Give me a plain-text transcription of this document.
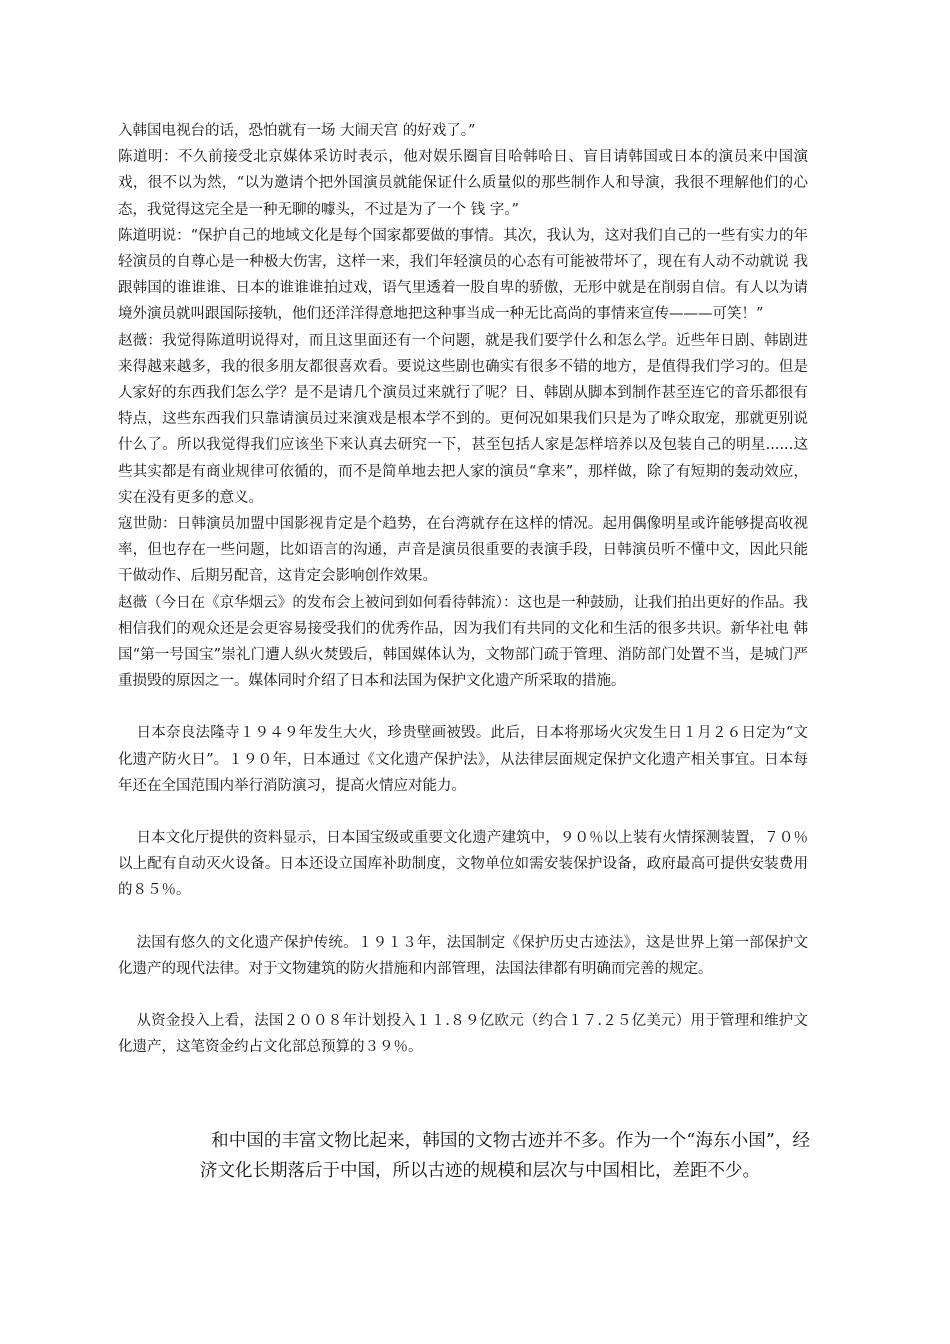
入韩国电视台的话，恐怕就有一场 大闹天宫 的好戏了。”

陈道明：不久前接受北京媒体采访时表示，他对娱乐圈盲目哈韩哈日、盲目请韩国或日本的演员来中国演戏，很不以为然，“以为邀请个把外国演员就能保证什么质量似的那些制作人和导演，我很不理解他们的心态，我觉得这完全是一种无聊的噱头，不过是为了一个 钱 字。”

陈道明说：“保护自己的地域文化是每个国家都要做的事情。其次，我认为，这对我们自己的一些有实力的年轻演员的自尊心是一种极大伤害，这样一来，我们年轻演员的心态有可能被带坏了，现在有人动不动就说 我跟韩国的谁谁谁、日本的谁谁谁拍过戏，语气里透着一股自卑的骄傲，无形中就是在削弱自信。有人以为请境外演员就叫跟国际接轨，他们还洋洋得意地把这种事当成一种无比高尚的事情来宣传———可笑！”

赵薇：我觉得陈道明说得对，而且这里面还有一个问题，就是我们要学什么和怎么学。近些年日剧、韩剧进来得越来越多，我的很多朋友都很喜欢看。要说这些剧也确实有很多不错的地方，是值得我们学习的。但是人家好的东西我们怎么学？是不是请几个演员过来就行了呢？日、韩剧从脚本到制作甚至连它的音乐都很有特点，这些东西我们只靠请演员过来演戏是根本学不到的。更何况如果我们只是为了哗众取宠，那就更别说什么了。所以我觉得我们应该坐下来认真去研究一下，甚至包括人家是怎样培养以及包装自己的明星......这些其实都是有商业规律可依循的，而不是简单地去把人家的演员“拿来”，那样做，除了有短期的轰动效应，实在没有更多的意义。

寇世勋：日韩演员加盟中国影视肯定是个趋势，在台湾就存在这样的情况。起用偶像明星或许能够提高收视率，但也存在一些问题，比如语言的沟通，声音是演员很重要的表演手段，日韩演员听不懂中文，因此只能干做动作、后期另配音，这肯定会影响创作效果。

赵薇（今日在《京华烟云》的发布会上被问到如何看待韩流）：这也是一种鼓励，让我们拍出更好的作品。我相信我们的观众还是会更容易接受我们的优秀作品，因为我们有共同的文化和生活的很多共识。新华社电 韩国“第一号国宝”崇礼门遭人纵火焚毁后，韩国媒体认为，文物部门疏于管理、消防部门处置不当，是城门严重损毁的原因之一。媒体同时介绍了日本和法国为保护文化遗产所采取的措施。

日本奈良法隆寺１９４９年发生大火，珍贵壁画被毁。此后，日本将那场火灾发生日１月２６日定为“文化遗产防火日”。１９０年，日本通过《文化遗产保护法》，从法律层面规定保护文化遗产相关事宜。日本每年还在全国范围内举行消防演习，提高火情应对能力。

日本文化厅提供的资料显示，日本国宝级或重要文化遗产建筑中，９０％以上装有火情探测装置，７０％以上配有自动灭火设备。日本还设立国库补助制度，文物单位如需安装保护设备，政府最高可提供安装费用的８５％。

法国有悠久的文化遗产保护传统。１９１３年，法国制定《保护历史古迹法》，这是世界上第一部保护文化遗产的现代法律。对于文物建筑的防火措施和内部管理，法国法律都有明确而完善的规定。

从资金投入上看，法国２００８年计划投入１１.８９亿欧元（约合１７.２５亿美元）用于管理和维护文化遗产，这笔资金约占文化部总预算的３９％。

和中国的丰富文物比起来，韩国的文物古迹并不多。作为一个“海东小国”，经济文化长期落后于中国，所以古迹的规模和层次与中国相比，差距不少。
